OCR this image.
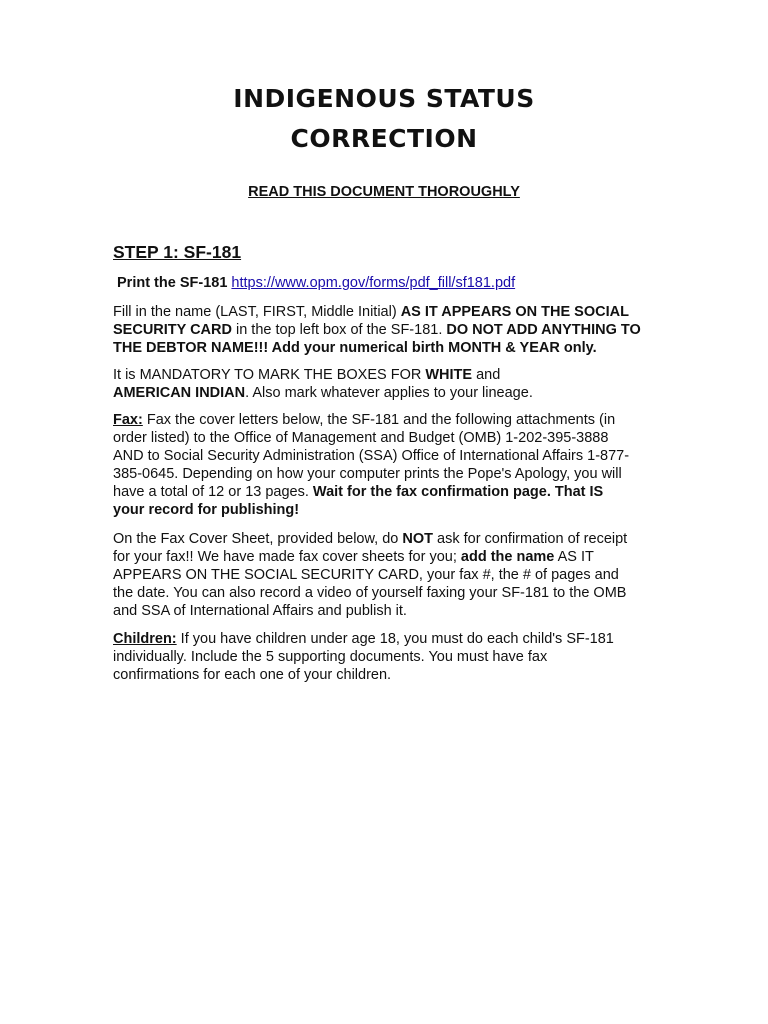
INDIGENOUS STATUS
CORRECTION
READ THIS DOCUMENT THOROUGHLY
STEP 1: SF-181

Print the SF-181 https://www.opm.gov/forms/pdf_fill/sf181.pdf

Fill in the name (LAST, FIRST, Middle Initial) AS IT APPEARS ON THE SOCIAL
SECURITY CARD in the top left box of the SF-181. DO NOT ADD ANYTHING TO
THE DEBTOR NAME!!! Add your numerical birth MONTH & YEAR only.

It is MANDATORY TO MARK THE BOXES FOR WHITE and
AMERICAN INDIAN. Also mark whatever applies to your lineage.

Fax: Fax the cover letters below, the SF-181 and the following attachments (in
order listed) to the Office of Management and Budget (OMB) 1-202-395-3888
AND to Social Security Administration (SSA) Office of International Affairs 1-877-
385-0645. Depending on how your computer prints the Pope's Apology, you will
have a total of 12 or 13 pages. Wait for the fax confirmation page. That IS
your record for publishing!

On the Fax Cover Sheet, provided below, do NOT ask for confirmation of receipt
for your fax!! We have made fax cover sheets for you; add the name AS IT
APPEARS ON THE SOCIAL SECURITY CARD, your fax #, the # of pages and
the date. You can also record a video of yourself faxing your SF-181 to the OMB
and SSA of International Affairs and publish it.

Children: If you have children under age 18, you must do each child's SF-181
individually. Include the 5 supporting documents. You must have fax
confirmations for each one of your children.
